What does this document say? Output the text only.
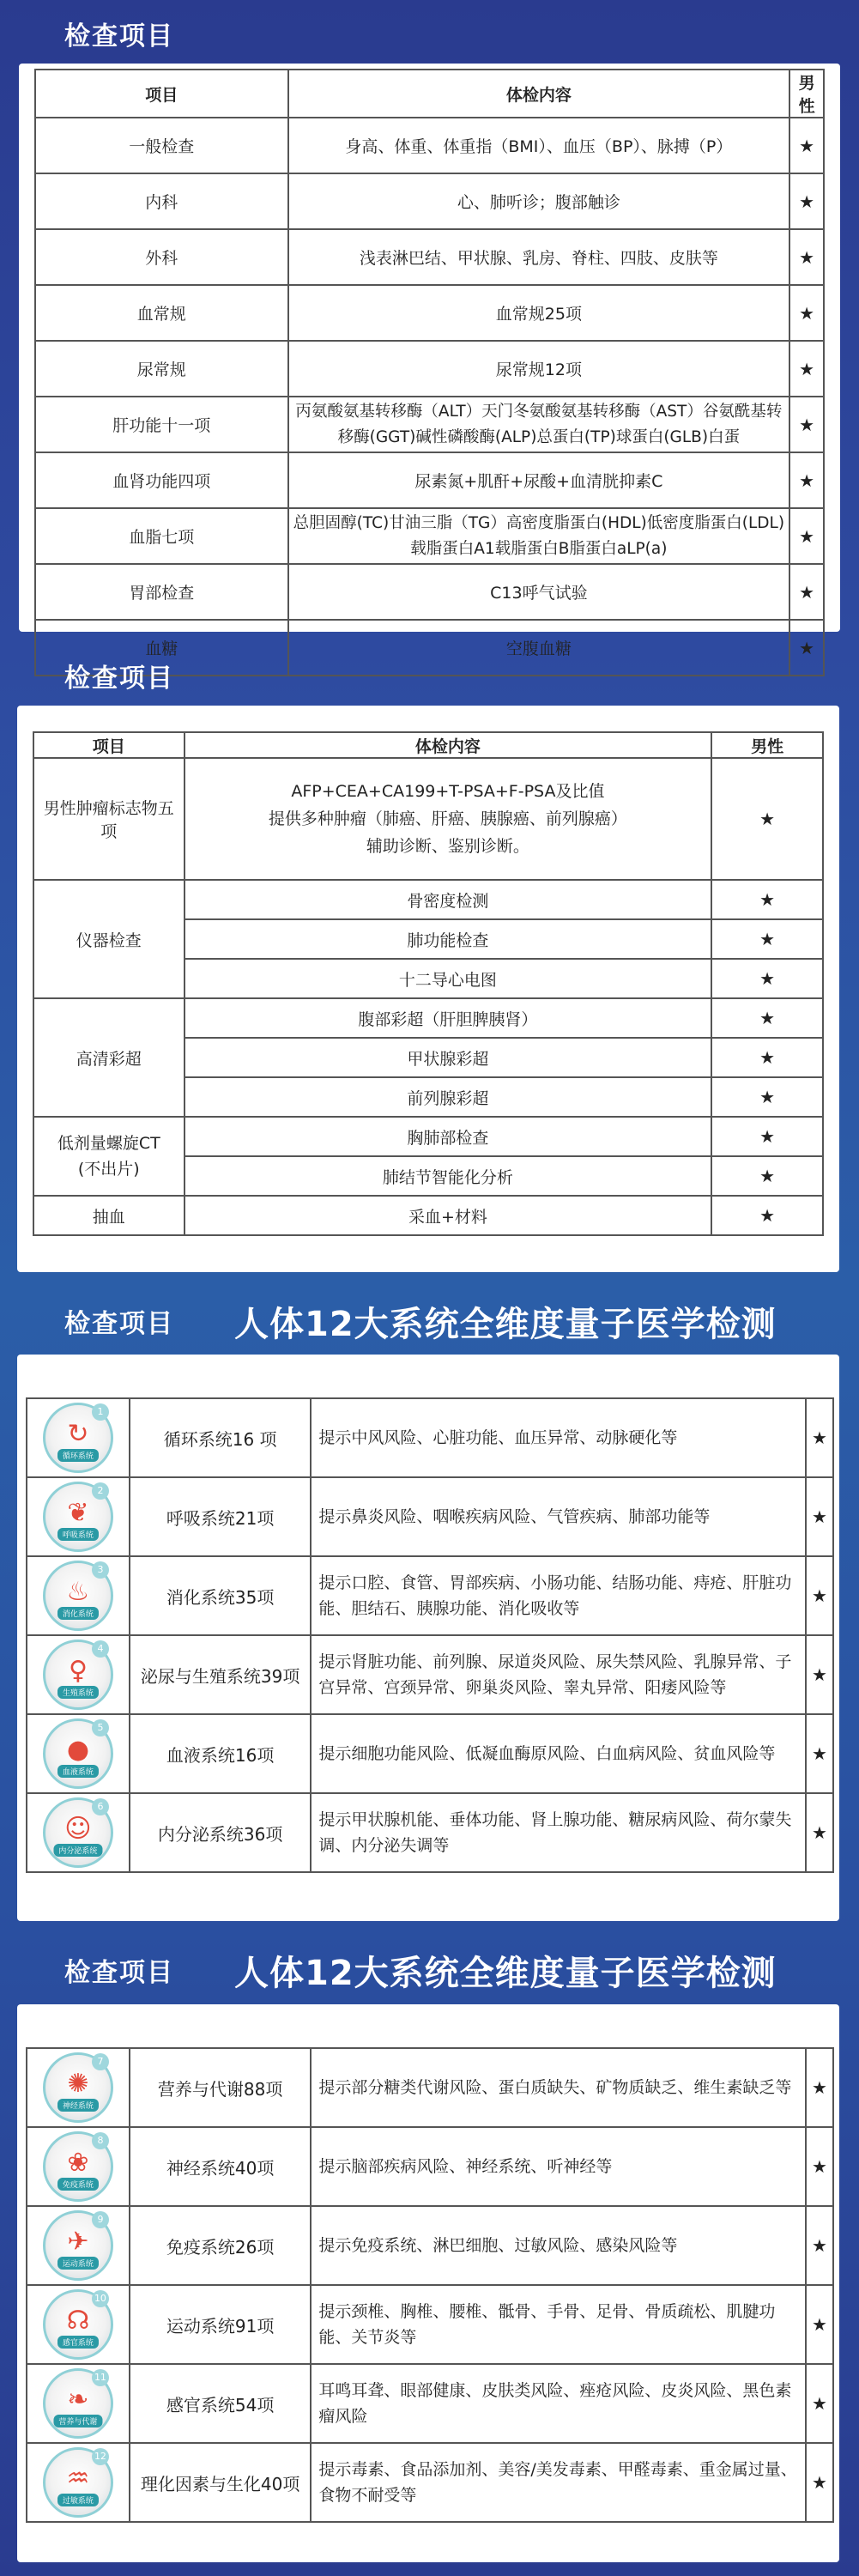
检查项目
项目	体检内容	男性
一般检查	身高、体重、体重指（BMI）、血压（BP）、脉搏（P）	★
内科	心、肺听诊；腹部触诊	★
外科	浅表淋巴结、甲状腺、乳房、脊柱、四肢、皮肤等	★
血常规	血常规25项	★
尿常规	尿常规12项	★
肝功能十一项	丙氨酸氨基转移酶（ALT）天门冬氨酸氨基转移酶（AST）谷氨酰基转移酶(GGT)碱性磷酸酶(ALP)总蛋白(TP)球蛋白(GLB)白蛋	★
血肾功能四项	尿素氮+肌酐+尿酸+血清胱抑素C	★
血脂七项	总胆固醇(TC)甘油三脂（TG）高密度脂蛋白(HDL)低密度脂蛋白(LDL)载脂蛋白A1载脂蛋白B脂蛋白aLP(a)	★
胃部检查	C13呼气试验	★
血糖	空腹血糖	★
检查项目
项目	体检内容	男性
男性肿瘤标志物五项	AFP+CEA+CA199+T-PSA+F-PSA及比值
提供多种肿瘤（肺癌、肝癌、胰腺癌、前列腺癌）
辅助诊断、鉴别诊断。	★
仪器检查	骨密度检测	★
	肺功能检查	★
	十二导心电图	★
高清彩超	腹部彩超（肝胆脾胰肾）	★
	甲状腺彩超	★
	前列腺彩超	★

低剂量螺旋CT
(不出片)	胸肺部检查	★
	肺结节智能化分析	★
抽血	采血+材料	★
检查项目 人体12大系统全维度量子医学检测
1
↻
循环系统	循环系统16 项	提示中风风险、心脏功能、血压异常、动脉硬化等	★

2
❦
呼吸系统	呼吸系统21项	提示鼻炎风险、咽喉疾病风险、气管疾病、肺部功能等	★

3
♨
消化系统	消化系统35项	提示口腔、食管、胃部疾病、小肠功能、结肠功能、痔疮、肝脏功能、胆结石、胰腺功能、消化吸收等	★

4
♀
生殖系统	泌尿与生殖系统39项	提示肾脏功能、前列腺、尿道炎风险、尿失禁风险、乳腺异常、子宫异常、宫颈异常、卵巢炎风险、睾丸异常、阳痿风险等	★

5
●
血液系统	血液系统16项	提示细胞功能风险、低凝血酶原风险、白血病风险、贫血风险等	★

6
☺
内分泌系统	内分泌系统36项	提示甲状腺机能、垂体功能、肾上腺功能、糖尿病风险、荷尔蒙失调、内分泌失调等	★
检查项目 人体12大系统全维度量子医学检测
7
✺
神经系统	营养与代谢88项	提示部分糖类代谢风险、蛋白质缺失、矿物质缺乏、维生素缺乏等	★

8
❀
免疫系统	神经系统40项	提示脑部疾病风险、神经系统、听神经等	★

9
✈
运动系统	免疫系统26项	提示免疫系统、淋巴细胞、过敏风险、感染风险等	★

10
☊
感官系统	运动系统91项	提示颈椎、胸椎、腰椎、骶骨、手骨、足骨、骨质疏松、肌腱功能、关节炎等	★

11
❧
营养与代谢	感官系统54项	耳鸣耳聋、眼部健康、皮肤类风险、痤疮风险、皮炎风险、黑色素瘤风险	★

12
♒
过敏系统	理化因素与生化40项	提示毒素、食品添加剂、美容/美发毒素、甲醛毒素、重金属过量、食物不耐受等	★
